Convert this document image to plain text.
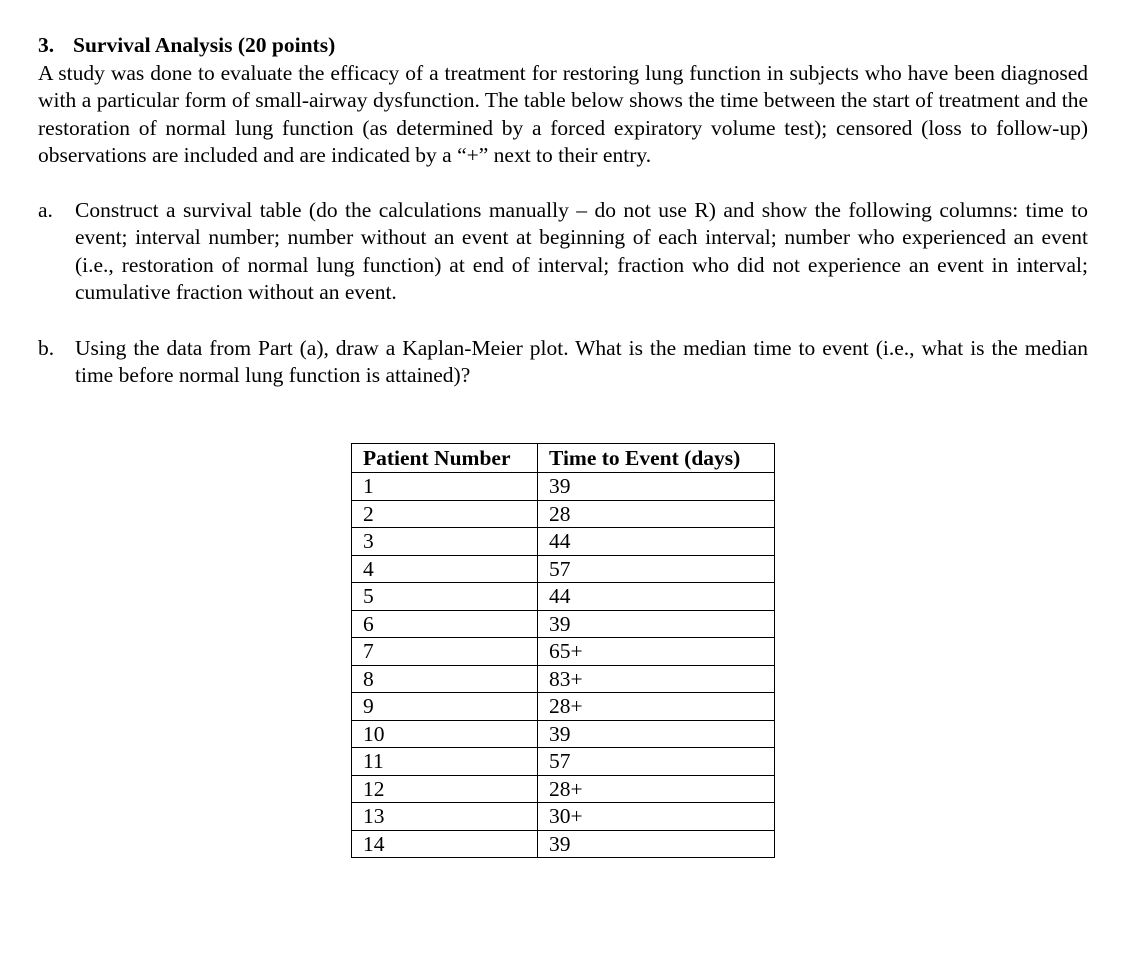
3. Survival Analysis (20 points)

A study was done to evaluate the efficacy of a treatment for restoring lung function in subjects who have been diagnosed with a particular form of small-airway dysfunction. The table below shows the time between the start of treatment and the restoration of normal lung function (as determined by a forced expiratory volume test); censored (loss to follow-up) observations are included and are indicated by a “+” next to their entry.

a. Construct a survival table (do the calculations manually – do not use R) and show the following columns: time to event; interval number; number without an event at beginning of each interval; number who experienced an event (i.e., restoration of normal lung function) at end of interval; fraction who did not experience an event in interval; cumulative fraction without an event.

b. Using the data from Part (a), draw a Kaplan-Meier plot. What is the median time to event (i.e., what is the median time before normal lung function is attained)?

Patient Number	Time to Event (days)
1	39
2	28
3	44
4	57
5	44
6	39
7	65+
8	83+
9	28+
10	39
11	57
12	28+
13	30+
14	39
